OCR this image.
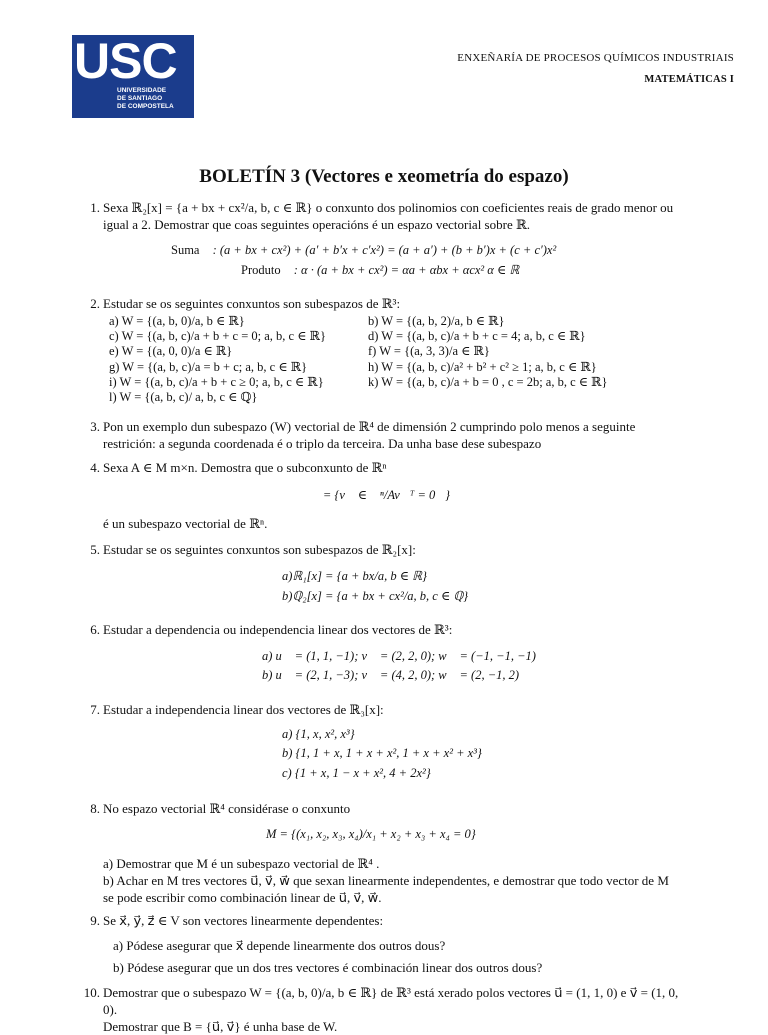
USC
UNIVERSIDADE
DE SANTIAGO
DE COMPOSTELA
ENXEÑARÍA DE PROCESOS QUÍMICOS INDUSTRIAIS
MATEMÁTICAS I
BOLETÍN 3 (Vectores e xeometría do espazo)
1. Sexa ℝ₂[x] = {a + bx + cx²/a, b, c ∈ ℝ} o conxunto dos polinomios con coeficientes reais de grado menor ou igual a 2. Demostrar que coas seguintes operacións é un espazo vectorial sobre ℝ.
Suma : (a + bx + cx²) + (a′ + b′x + c′x²) = (a + a′) + (b + b′)x + (c + c′)x²
Produto : α · (a + bx + cx²) = αa + αbx + αcx² α ∈ ℝ
2. Estudar se os seguintes conxuntos son subespazos de ℝ³:
a) W = {(a, b, 0)/a, b ∈ ℝ}
c) W = {(a, b, c)/a + b + c = 0; a, b, c ∈ ℝ}
e) W = {(a, 0, 0)/a ∈ ℝ}
g) W = {(a, b, c)/a = b + c; a, b, c ∈ ℝ}
i) W = {(a, b, c)/a + b + c ≥ 0; a, b, c ∈ ℝ}
l) W = {(a, b, c)/ a, b, c ∈ ℚ}
b) W = {(a, b, 2)/a, b ∈ ℝ}
d) W = {(a, b, c)/a + b + c = 4; a, b, c ∈ ℝ}
f) W = {(a, 3, 3)/a ∈ ℝ}
h) W = {(a, b, c)/a² + b² + c² ≥ 1; a, b, c ∈ ℝ}
k) W = {(a, b, c)/a + b = 0 , c = 2b; a, b, c ∈ ℝ}
3. Pon un exemplo dun subespazo (W) vectorial de ℝ⁴ de dimensión 2 cumprindo polo menos a seguinte restrición: a segunda coordenada é o triplo da terceira. Da unha base dese subespazo
4. Sexa A ∈ M m×n. Demostra que o subconxunto de ℝⁿ
𝕎 = {v⃗ ∈ ℝⁿ/Av⃗ᵀ = 0⃗}
é un subespazo vectorial de ℝⁿ.
5. Estudar se os seguintes conxuntos son subespazos de ℝ₂[x]:
a)ℝ₁[x] = {a + bx/a, b ∈ ℝ}
b)ℚ₂[x] = {a + bx + cx²/a, b, c ∈ ℚ}
6. Estudar a dependencia ou independencia linear dos vectores de ℝ³:
a) u⃗ = (1, 1, −1); v⃗ = (2, 2, 0); w⃗ = (−1, −1, −1)
b) u⃗ = (2, 1, −3); v⃗ = (4, 2, 0); w⃗ = (2, −1, 2)
7. Estudar a independencia linear dos vectores de ℝ₃[x]:
a) {1, x, x², x³}
b) {1, 1 + x, 1 + x + x², 1 + x + x² + x³}
c) {1 + x, 1 − x + x², 4 + 2x²}
8. No espazo vectorial ℝ⁴ considérase o conxunto
M = {(x₁, x₂, x₃, x₄)/x₁ + x₂ + x₃ + x₄ = 0}
a) Demostrar que M é un subespazo vectorial de ℝ⁴ .
b) Achar en M tres vectores u⃗, v⃗, w⃗ que sexan linearmente independentes, e demostrar que todo vector de M se pode escribir como combinación linear de u⃗, v⃗, w⃗.
9. Se x⃗, y⃗, z⃗ ∈ V son vectores linearmente dependentes:
a) Pódese asegurar que x⃗ depende linearmente dos outros dous?
b) Pódese asegurar que un dos tres vectores é combinación linear dos outros dous?
10. Demostrar que o subespazo W = {(a, b, 0)/a, b ∈ ℝ} de ℝ³ está xerado polos vectores u⃗ = (1, 1, 0) e v⃗ = (1, 0, 0).
Demostrar que B = {u⃗, v⃗} é unha base de W.
